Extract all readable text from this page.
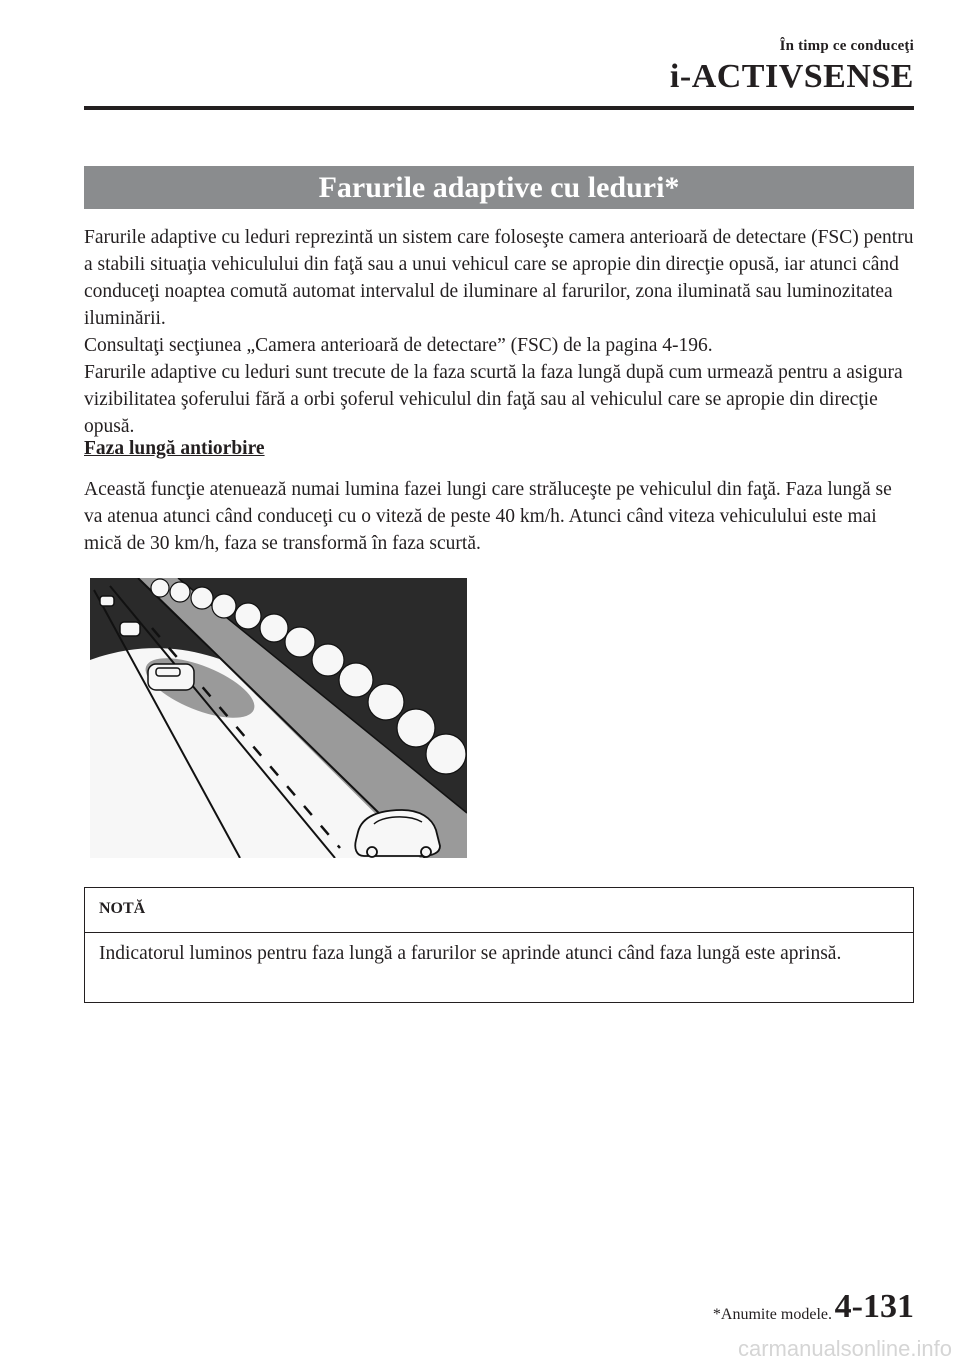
În timp ce conduceţi
i-ACTIVSENSE
Farurile adaptive cu leduri*
Farurile adaptive cu leduri reprezintă un sistem care foloseşte camera anterioară de detectare (FSC) pentru a stabili situaţia vehiculului din faţă sau a unui vehicul care se apropie din direcţie opusă, iar atunci când conduceţi noaptea comută automat intervalul de iluminare al farurilor, zona iluminată sau luminozitatea iluminării.
Consultaţi secţiunea „Camera anterioară de detectare” (FSC) de la pagina 4-196.
Farurile adaptive cu leduri sunt trecute de la faza scurtă la faza lungă după cum urmează pentru a asigura vizibilitatea şoferului fără a orbi şoferul vehiculul din faţă sau al vehiculul care se apropie din direcţie opusă.
Faza lungă antiorbire

Această funcţie atenuează numai lumina fazei lungi care străluceşte pe vehiculul din faţă. Faza lungă se va atenua atunci când conduceţi cu o viteză de peste 40 km/h. Atunci când viteza vehiculului este mai mică de 30 km/h, faza se transformă în faza scurtă.

NOTĂ

Indicatorul luminos pentru faza lungă a farurilor se aprinde atunci când faza lungă este aprinsă.

*Anumite modele. 4-131
carmanualsonline.info
